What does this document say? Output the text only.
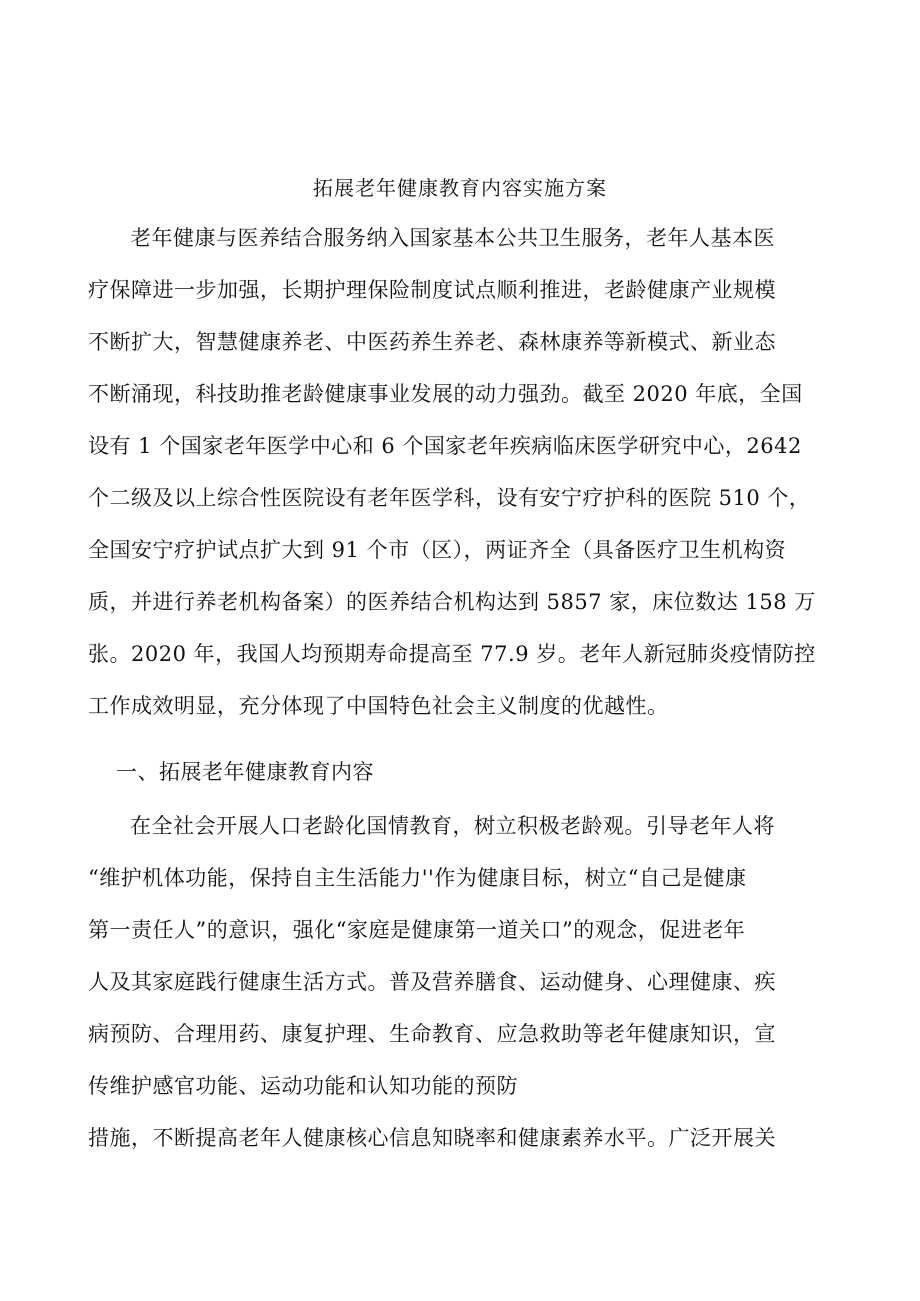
拓展老年健康教育内容实施方案
老年健康与医养结合服务纳入国家基本公共卫生服务，老年人基本医
疗保障进一步加强，长期护理保险制度试点顺利推进，老龄健康产业规模
不断扩大，智慧健康养老、中医药养生养老、森林康养等新模式、新业态
不断涌现，科技助推老龄健康事业发展的动力强劲。截至 2020 年底，全国
设有 1 个国家老年医学中心和 6 个国家老年疾病临床医学研究中心，2642
个二级及以上综合性医院设有老年医学科，设有安宁疗护科的医院 510 个，
全国安宁疗护试点扩大到 91 个市（区），两证齐全（具备医疗卫生机构资
质，并进行养老机构备案）的医养结合机构达到 5857 家，床位数达 158 万
张。2020 年，我国人均预期寿命提高至 77.9 岁。老年人新冠肺炎疫情防控
工作成效明显，充分体现了中国特色社会主义制度的优越性。
一、拓展老年健康教育内容
在全社会开展人口老龄化国情教育，树立积极老龄观。引导老年人将
“维护机体功能，保持自主生活能力''作为健康目标，树立“自己是健康
第一责任人”的意识，强化“家庭是健康第一道关口”的观念，促进老年
人及其家庭践行健康生活方式。普及营养膳食、运动健身、心理健康、疾
病预防、合理用药、康复护理、生命教育、应急救助等老年健康知识，宣
传维护感官功能、运动功能和认知功能的预防
措施，不断提高老年人健康核心信息知晓率和健康素养水平。广泛开展关
